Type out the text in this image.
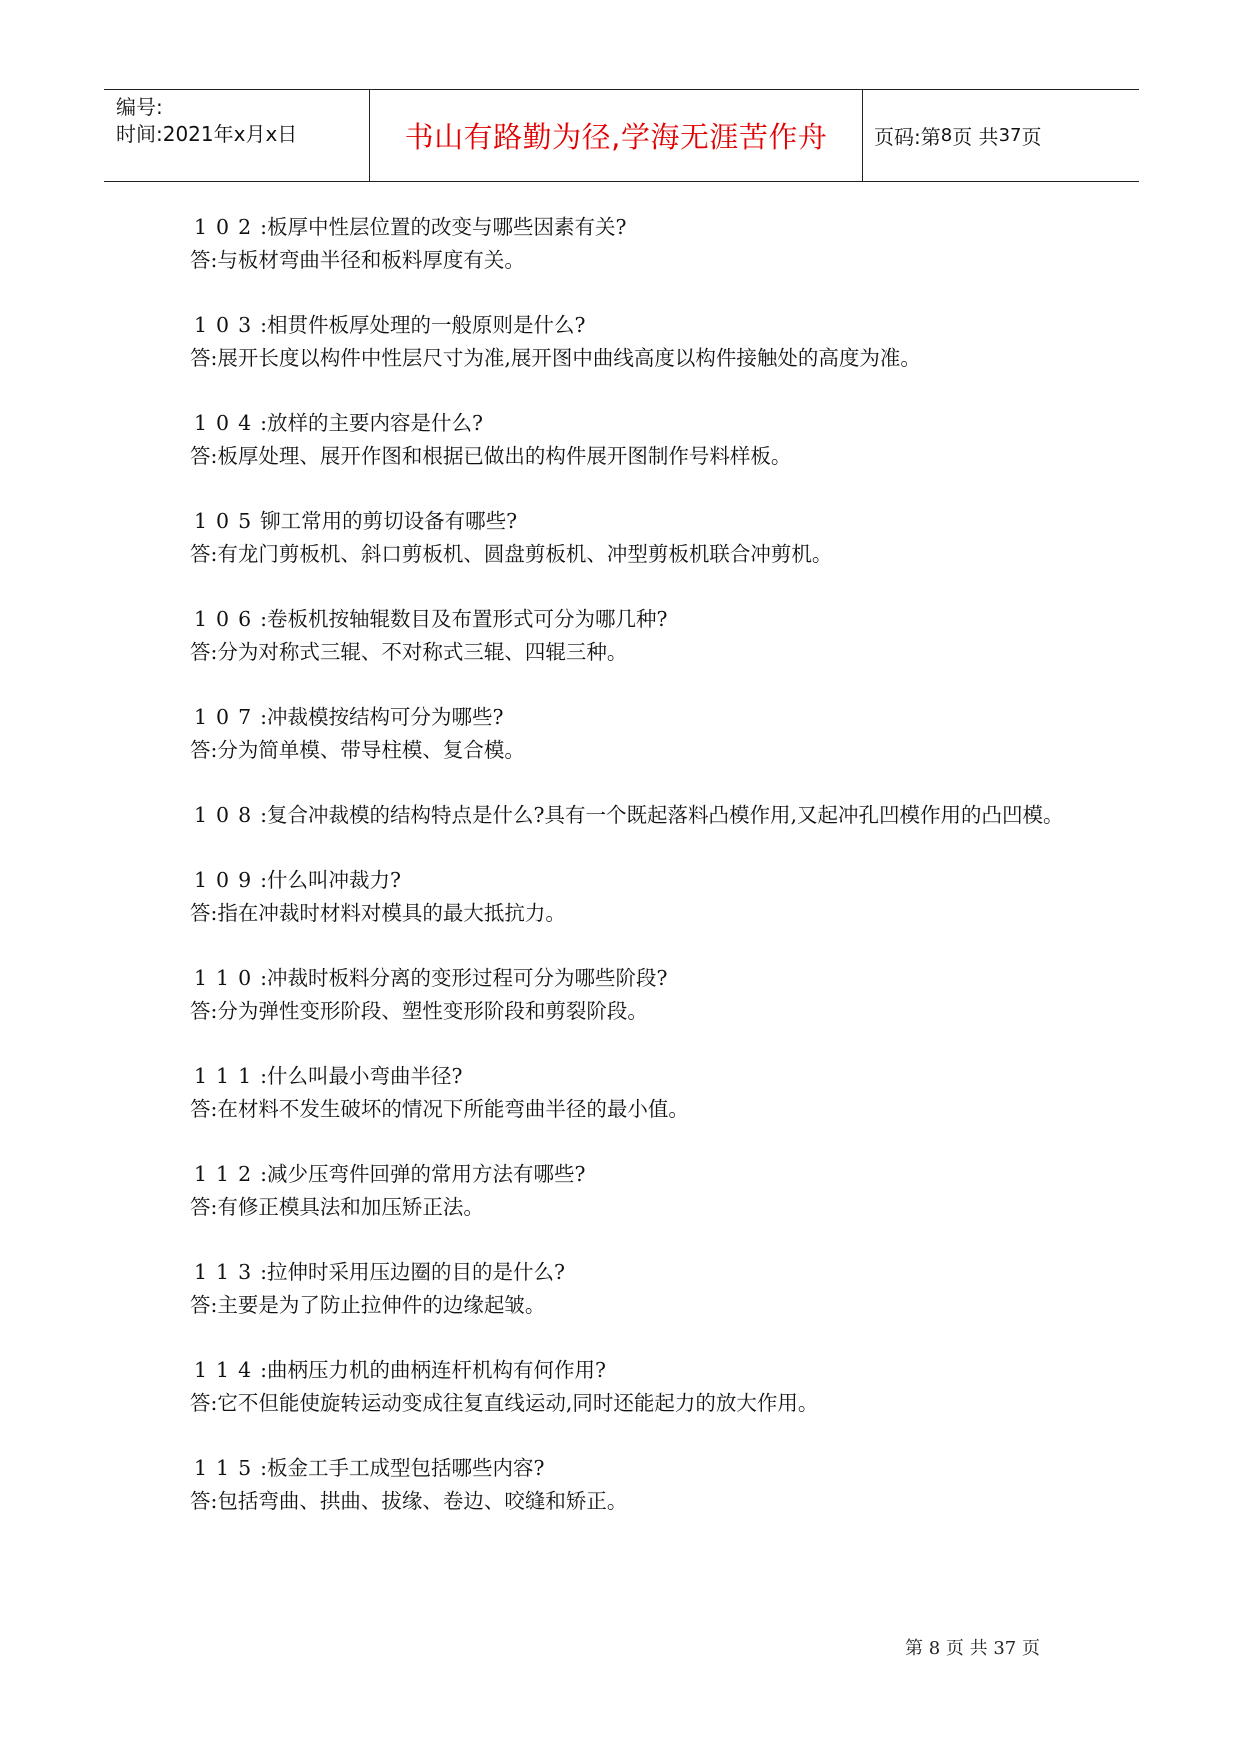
编号:
时间:2021年x月x日	书山有路勤为径,学海无涯苦作舟	页码:第 8 页 共 37 页
102:板厚中性层位置的改变与哪些因素有关?
答:与板材弯曲半径和板料厚度有关。
103:相贯件板厚处理的一般原则是什么?
答:展开长度以构件中性层尺寸为准,展开图中曲线高度以构件接触处的高度为准。
104:放样的主要内容是什么?
答:板厚处理、展开作图和根据已做出的构件展开图制作号料样板。
105铆工常用的剪切设备有哪些?
答:有龙门剪板机、斜口剪板机、圆盘剪板机、冲型剪板机联合冲剪机。
106:卷板机按轴辊数目及布置形式可分为哪几种?
答:分为对称式三辊、不对称式三辊、四辊三种。
107:冲裁模按结构可分为哪些?
答:分为简单模、带导柱模、复合模。
108:复合冲裁模的结构特点是什么?具有一个既起落料凸模作用,又起冲孔凹模作用的凸凹模。
109:什么叫冲裁力?
答:指在冲裁时材料对模具的最大抵抗力。
110:冲裁时板料分离的变形过程可分为哪些阶段?
答:分为弹性变形阶段、塑性变形阶段和剪裂阶段。
111:什么叫最小弯曲半径?
答:在材料不发生破坏的情况下所能弯曲半径的最小值。
112:减少压弯件回弹的常用方法有哪些?
答:有修正模具法和加压矫正法。
113:拉伸时采用压边圈的目的是什么?
答:主要是为了防止拉伸件的边缘起皱。
114:曲柄压力机的曲柄连杆机构有何作用?
答:它不但能使旋转运动变成往复直线运动,同时还能起力的放大作用。
115:板金工手工成型包括哪些内容?
答:包括弯曲、拱曲、拔缘、卷边、咬缝和矫正。
第 8 页 共 37 页
